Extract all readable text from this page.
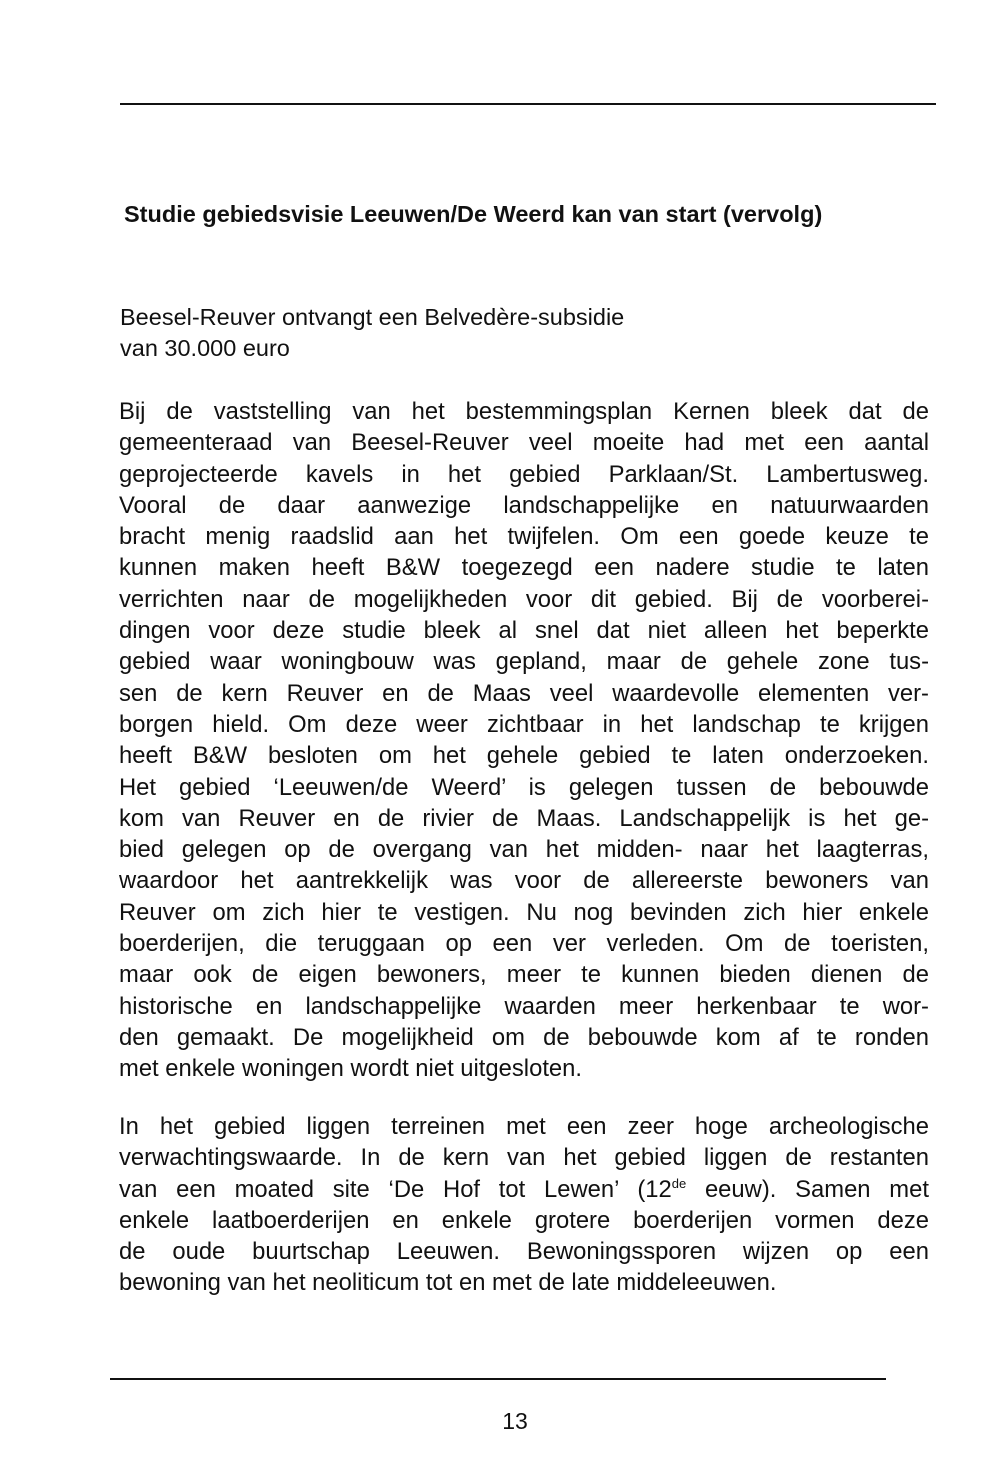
Studie gebiedsvisie Leeuwen/De Weerd kan van start (vervolg)

Beesel-Reuver ontvangt een Belvedère-subsidie
van 30.000 euro

Bij de vaststelling van het bestemmingsplan Kernen bleek dat de
gemeenteraad van Beesel-Reuver veel moeite had met een aantal
geprojecteerde kavels in het gebied Parklaan/St. Lambertusweg.
Vooral de daar aanwezige landschappelijke en natuurwaarden
bracht menig raadslid aan het twijfelen. Om een goede keuze te
kunnen maken heeft B&W toegezegd een nadere studie te laten
verrichten naar de mogelijkheden voor dit gebied. Bij de voorberei-
dingen voor deze studie bleek al snel dat niet alleen het beperkte
gebied waar woningbouw was gepland, maar de gehele zone tus-
sen de kern Reuver en de Maas veel waardevolle elementen ver-
borgen hield. Om deze weer zichtbaar in het landschap te krijgen
heeft B&W besloten om het gehele gebied te laten onderzoeken.
Het gebied ‘Leeuwen/de Weerd’ is gelegen tussen de bebouwde
kom van Reuver en de rivier de Maas. Landschappelijk is het ge-
bied gelegen op de overgang van het midden- naar het laagterras,
waardoor het aantrekkelijk was voor de allereerste bewoners van
Reuver om zich hier te vestigen. Nu nog bevinden zich hier enkele
boerderijen, die teruggaan op een ver verleden. Om de toeristen,
maar ook de eigen bewoners, meer te kunnen bieden dienen de
historische en landschappelijke waarden meer herkenbaar te wor-
den gemaakt. De mogelijkheid om de bebouwde kom af te ronden
met enkele woningen wordt niet uitgesloten.

In het gebied liggen terreinen met een zeer hoge archeologische
verwachtingswaarde. In de kern van het gebied liggen de restanten
van een moated site ‘De Hof tot Lewen’ (12de eeuw). Samen met
enkele laatboerderijen en enkele grotere boerderijen vormen deze
de oude buurtschap Leeuwen. Bewoningssporen wijzen op een
bewoning van het neoliticum tot en met de late middeleeuwen.

13
